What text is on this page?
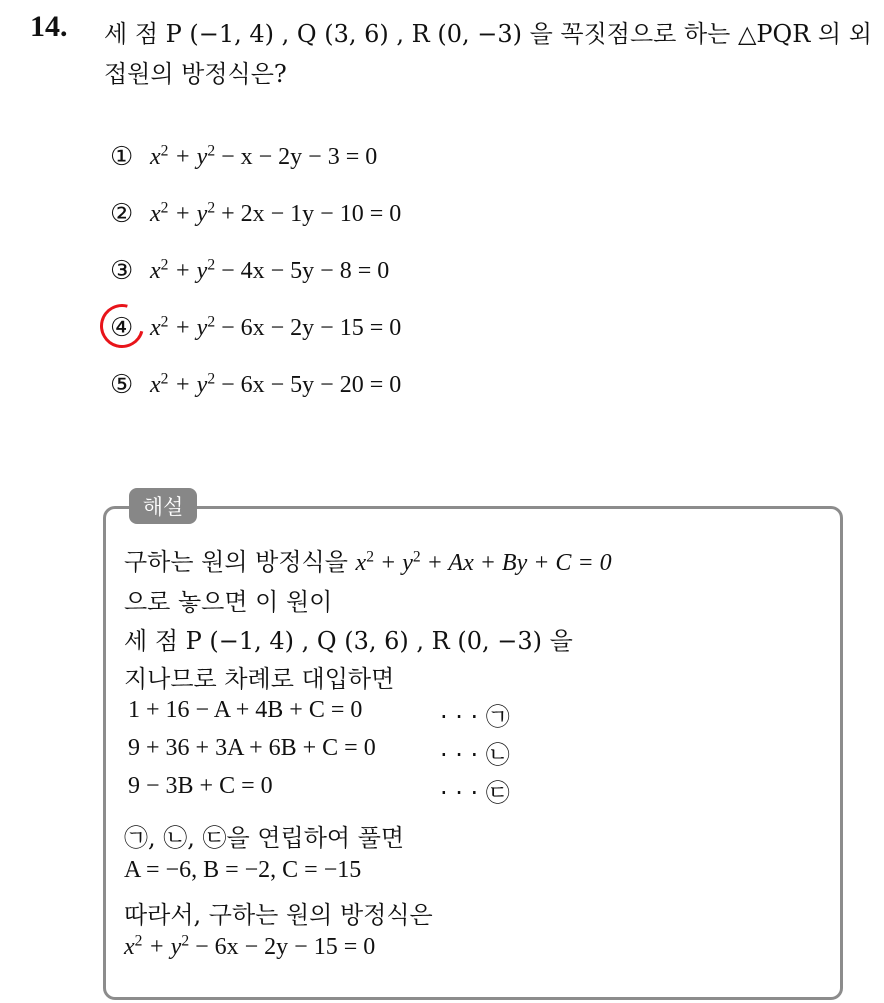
14. 세 점 P (−1, 4) , Q (3, 6) , R (0, −3) 을 꼭짓점으로 하는 △PQR 의 외
접원의 방정식은?
① $x^2 + y^2 - x - 2y - 3 = 0$
② $x^2 + y^2 + 2x - 1y - 10 = 0$
③ $x^2 + y^2 - 4x - 5y - 8 = 0$
④ $x^2 + y^2 - 6x - 2y - 15 = 0$
⑤ $x^2 + y^2 - 6x - 5y - 20 = 0$
해설
구하는 원의 방정식을 $x^2 + y^2 + Ax + By + C = 0$
으로 놓으면 이 원이
세 점 P (−1, 4) , Q (3, 6) , R (0, −3) 을
지나므로 차례로 대입하면
1 + 16 − A + 4B + C = 0	· · · ㉠
9 + 36 + 3A + 6B + C = 0	· · · ㉡
9 − 3B + C = 0	· · · ㉢
㉠, ㉡, ㉢을 연립하여 풀면
A = −6, B = −2, C = −15
따라서, 구하는 원의 방정식은
$x^2 + y^2 - 6x - 2y - 15 = 0$
